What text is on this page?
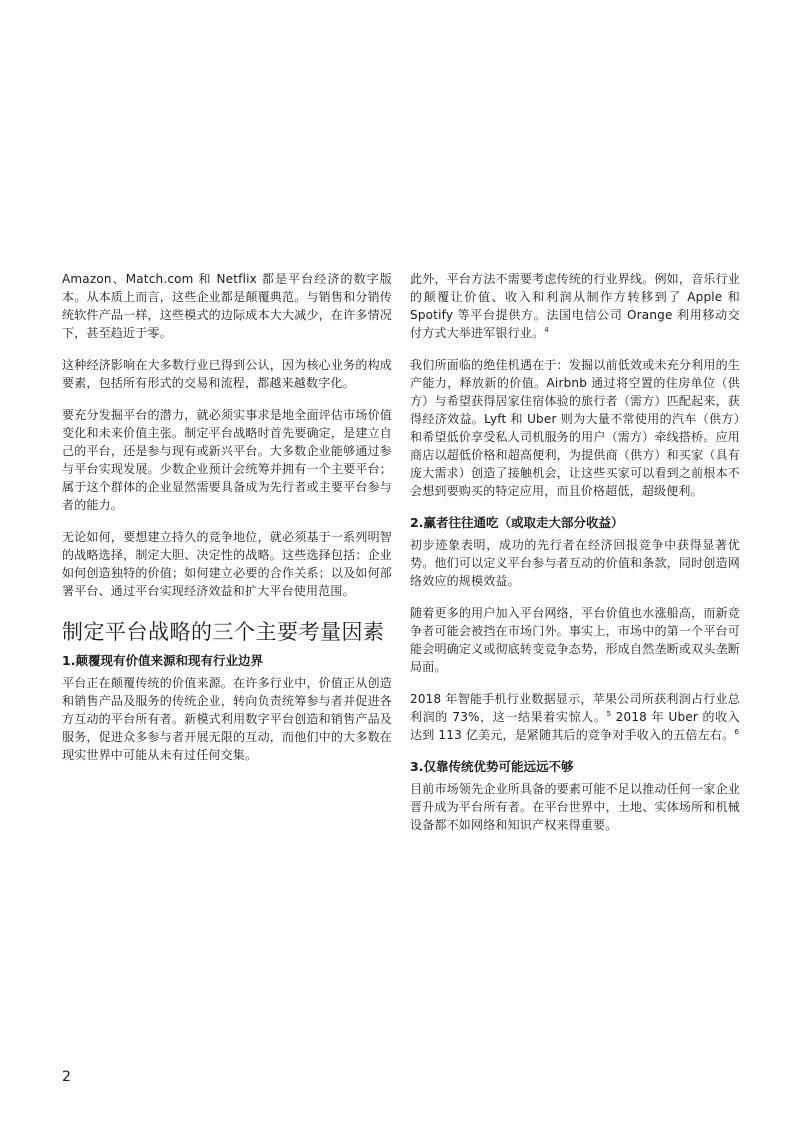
Amazon、Match.com 和 Netflix 都是平台经济的数字版本。从本质上而言，这些企业都是颠覆典范。与销售和分销传统软件产品一样，这些模式的边际成本大大减少，在许多情况下，甚至趋近于零。

这种经济影响在大多数行业已得到公认，因为核心业务的构成要素，包括所有形式的交易和流程，都越来越数字化。

要充分发掘平台的潜力，就必须实事求是地全面评估市场价值变化和未来价值主张。制定平台战略时首先要确定，是建立自己的平台，还是参与现有或新兴平台。大多数企业能够通过参与平台实现发展。少数企业预计会统筹并拥有一个主要平台；属于这个群体的企业显然需要具备成为先行者或主要平台参与者的能力。

无论如何，要想建立持久的竞争地位，就必须基于一系列明智的战略选择，制定大胆、决定性的战略。这些选择包括：企业如何创造独特的价值；如何建立必要的合作关系；以及如何部署平台、通过平台实现经济效益和扩大平台使用范围。

制定平台战略的三个主要考量因素
1.颠覆现有价值来源和现有行业边界

平台正在颠覆传统的价值来源。在许多行业中，价值正从创造和销售产品及服务的传统企业，转向负责统筹参与者并促进各方互动的平台所有者。新模式利用数字平台创造和销售产品及服务，促进众多参与者开展无限的互动，而他们中的大多数在现实世界中可能从未有过任何交集。

此外，平台方法不需要考虑传统的行业界线。例如，音乐行业的颠覆让价值、收入和利润从制作方转移到了 Apple 和 Spotify 等平台提供方。法国电信公司 Orange 利用移动交付方式大举进军银行业。$^4$

我们所面临的绝佳机遇在于：发掘以前低效或未充分利用的生产能力，释放新的价值。Airbnb 通过将空置的住房单位（供方）与希望获得居家住宿体验的旅行者（需方）匹配起来，获得经济效益。Lyft 和 Uber 则为大量不常使用的汽车（供方）和希望低价享受私人司机服务的用户（需方）牵线搭桥。应用商店以超低价格和超高便利，为提供商（供方）和买家（具有庞大需求）创造了接触机会，让这些买家可以看到之前根本不会想到要购买的特定应用，而且价格超低，超级便利。

2.赢者往往通吃（或取走大部分收益）

初步迹象表明，成功的先行者在经济回报竞争中获得显著优势。他们可以定义平台参与者互动的价值和条款，同时创造网络效应的规模效益。

随着更多的用户加入平台网络，平台价值也水涨船高，而新竞争者可能会被挡在市场门外。事实上，市场中的第一个平台可能会明确定义或彻底转变竞争态势，形成自然垄断或双头垄断局面。

2018 年智能手机行业数据显示，苹果公司所获利润占行业总利润的 73%，这一结果着实惊人。$^5$ 2018 年 Uber 的收入达到 113 亿美元，是紧随其后的竞争对手收入的五倍左右。$^6$

3.仅靠传统优势可能远远不够

目前市场领先企业所具备的要素可能不足以推动任何一家企业晋升成为平台所有者。在平台世界中，土地、实体场所和机械设备都不如网络和知识产权来得重要。

2
